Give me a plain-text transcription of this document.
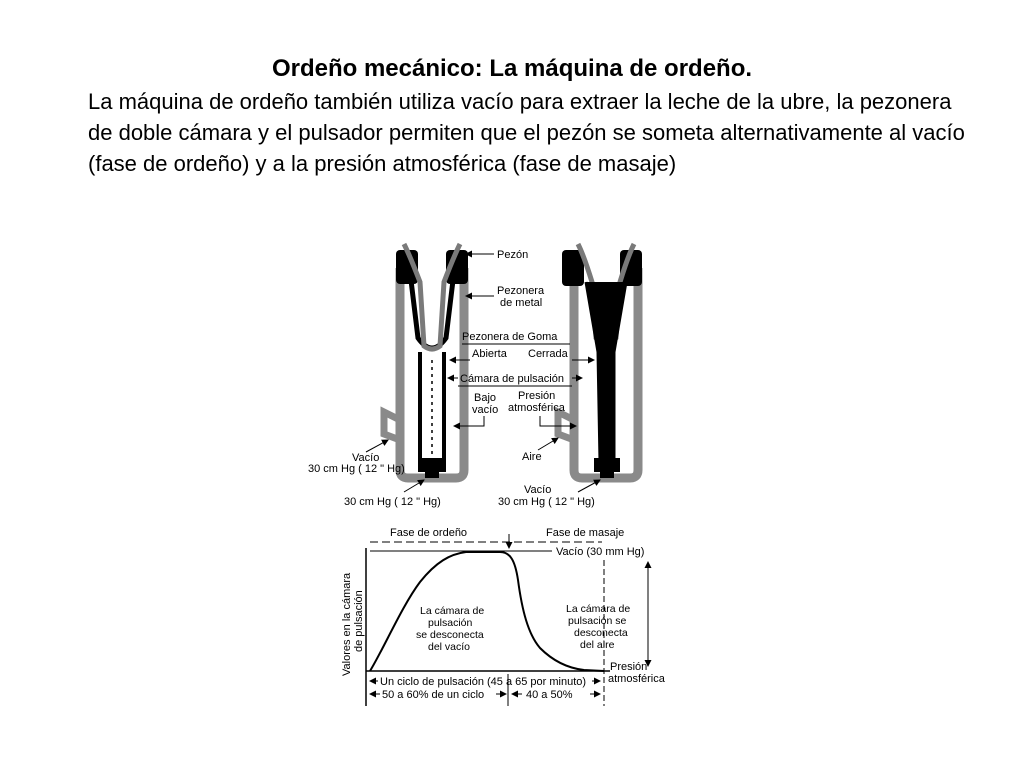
Ordeño mecánico: La máquina de ordeño.
La máquina de ordeño también utiliza vacío para extraer la leche de la ubre, la pezonera de doble cámara y el pulsador permiten que el pezón se someta alternativamente al vacío (fase de ordeño) y a la presión atmosférica (fase de masaje)
Pezón
Pezonera
de metal
Pezonera de Goma
Abierta Cerrada
Cámara de pulsación
Bajo
vacío
Presión
atmosférica
Vacío
30 cm Hg ( 12 " Hg)
30 cm Hg ( 12 " Hg)
Aire
Vacío
30 cm Hg ( 12 " Hg)
Fase de ordeño	Fase de masaje
Vacío (30 mm Hg)
Valores en la cámara de pulsación	La cámara de
pulsación
se desconecta
del vacío
La cámara de
pulsación se
desconecta
del aire
Presión
atmosférica
Un ciclo de pulsación (45 a 65 por minuto)
50 a 60% de un ciclo	40 a 50%
